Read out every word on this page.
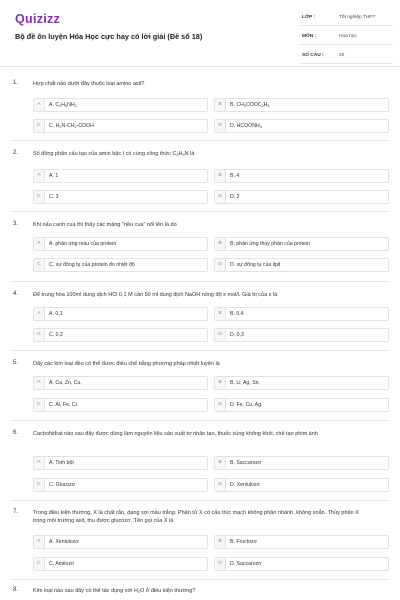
Quizizz
Bộ đề ôn luyện Hóa Học cực hay có lời giải (Đề số 18)
LỚP :	Tốt nghiệp THPT
MÔN :	Hóa học
SỐ CÂU :	40
1.	Hợp chất nào dưới đây thuộc loại amino axit?
2.	Số đồng phân cấu tạo của amin bậc I có cùng công thức $C_3H_9N$ là
3.	Khi nấu canh cua thì thấy các mảng "riêu cua" nổi lên là do
4.	Để trung hòa 100ml dung dịch HCl 0,1 M cần 50 ml dung dịch NaOH nồng độ x mol/l. Giá trị của x là
5.	Dãy các kim loại đều có thể được điều chế bằng phương pháp nhiệt luyện là
6.	Cacbohiđrat nào sau đây được dùng làm nguyên liệu sản xuất tơ nhân tạo, thuốc súng không khói, chế tạo phim ảnh
7.	Trong điều kiện thường, X là chất rắn, dạng sợi màu trắng. Phân tử X có cấu trúc mạch không phân nhánh, không xoắn. Thủy phân X trong môi trường axit, thu được glucozơ. Tên gọi của X là
8.	Kim loại nào sau đây có thể tác dụng với $H_2O$ ở điều kiện thường?
A	A. $C_2H_5NH_2$	B	B. $CH_3COOC_2H_5$
C	C. $H_2N-CH_2$-COOH	D	D. $HCOONH_4$
A	A. 1	B	B. 4
C	C. 3	D	D. 2
A	A. phản ứng màu của protein	B	B. phản ứng thủy phân của protein
C	C. sự đông tụ của protein do nhiệt độ	D	D. sự đông tụ của lipit
A	A. 0,1	B	B. 0,4
C	C. 0,2	D	D. 0,3
A	A. Ca, Zn, Cu.	B	B. Li, Ag, Sn.
C	C. Al, Fe, Cr.	D	D. Fe, Cu, Ag.
A	A. Tinh bột	B	B. Saccarozơ
C	C. Glucozơ	D	D. Xenlulozơ
A	A. Xenlulozơ	B	B. Fructozơ
C	C. Amilozơ	D	D. Saccarozơ
